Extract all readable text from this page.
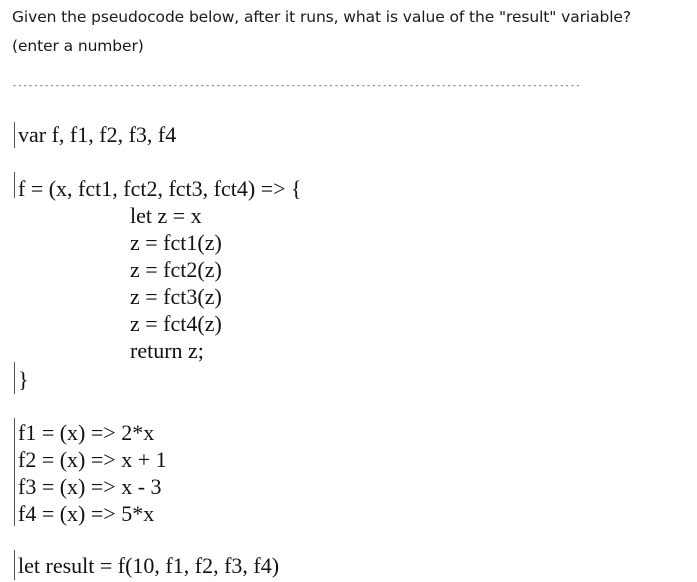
Given the pseudocode below, after it runs, what is value of the "result" variable?
(enter a number)
----------------------------------------------------------------------------------------------------------
var f, f1, f2, f3, f4
f = (x, fct1, fct2, fct3, fct4) => {
let z = x
z = fct1(z)
z = fct2(z)
z = fct3(z)
z = fct4(z)
return z;
}
f1 = (x) => 2*x
f2 = (x) => x + 1
f3 = (x) => x - 3
f4 = (x) => 5*x
let result = f(10, f1, f2, f3, f4)
